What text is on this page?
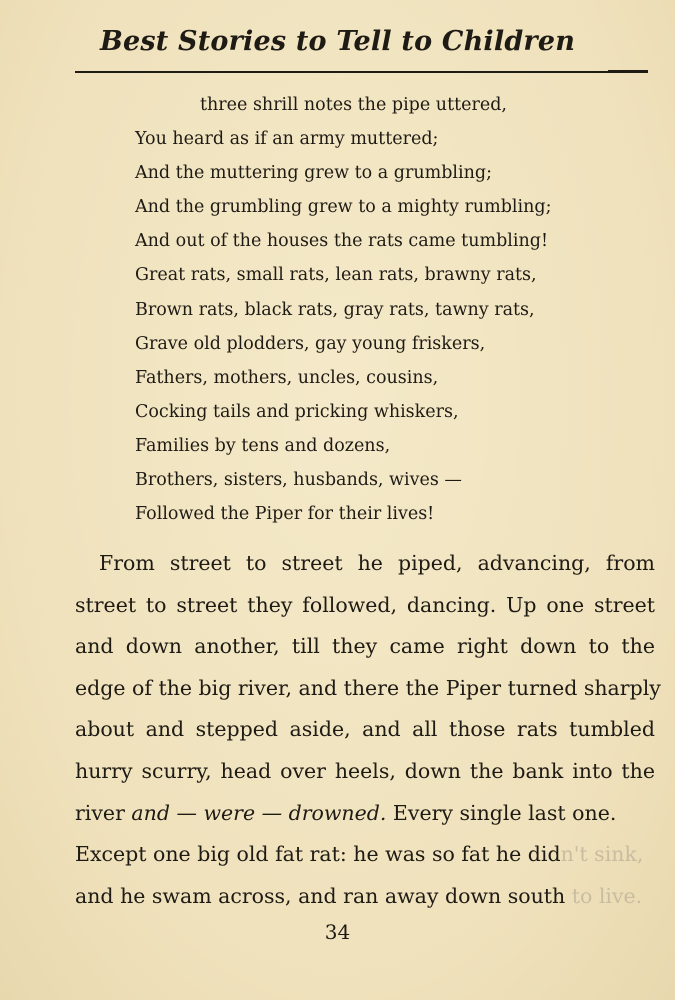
Best Stories to Tell to Children
three shrill notes the pipe uttered,
You heard as if an army muttered;
And the muttering grew to a grumbling;
And the grumbling grew to a mighty rumbling;
And out of the houses the rats came tumbling!
Great rats, small rats, lean rats, brawny rats,
Brown rats, black rats, gray rats, tawny rats,
Grave old plodders, gay young friskers,
Fathers, mothers, uncles, cousins,
Cocking tails and pricking whiskers,
Families by tens and dozens,
Brothers, sisters, husbands, wives —
Followed the Piper for their lives!
From street to street he piped, advancing, from
street to street they followed, dancing. Up one street
and down another, till they came right down to the
edge of the big river, and there the Piper turned sharply
about and stepped aside, and all those rats tumbled
hurry scurry, head over heels, down the bank into the
river and — were — drowned. Every single last one.
Except one big old fat rat: he was so fat he didn't sink,
and he swam across, and ran away down south to live.
34
